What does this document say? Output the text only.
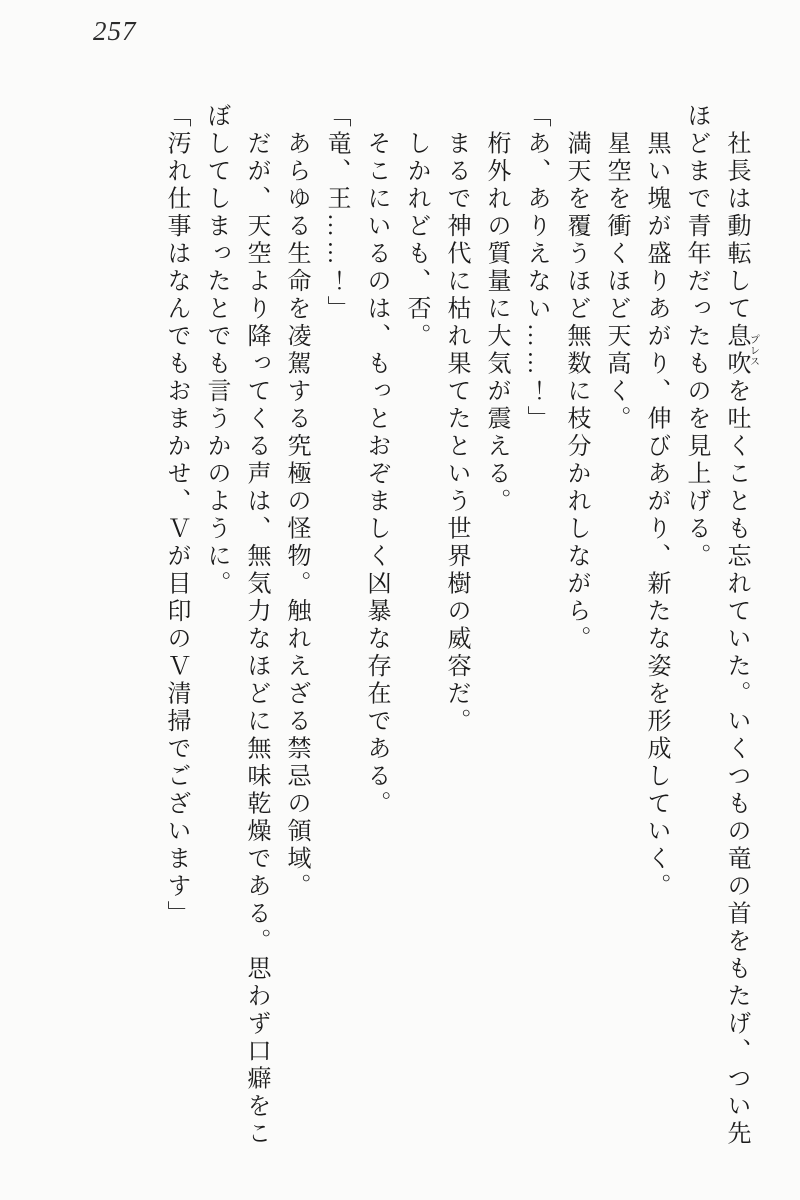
257

　社長は動転して息吹プレスを吐くことも忘れていた。いくつもの竜の首をもたげ、つい先

ほどまで青年だったものを見上げる。

　黒い塊が盛りあがり、伸びあがり、新たな姿を形成していく。

　星空を衝くほど天高く。

　満天を覆うほど無数に枝分かれしながら。

「あ、ありえない……！」

　桁外れの質量に大気が震える。

　まるで神代に枯れ果てたという世界樹の威容だ。

　しかれども、否。

　そこにいるのは、もっとおぞましく凶暴な存在である。

「竜、王……！」

　あらゆる生命を凌駕する究極の怪物。触れえざる禁忌の領域。

　だが、天空より降ってくる声は、無気力なほどに無味乾燥である。思わず口癖をこ

ぼしてしまったとでも言うかのように。

「汚れ仕事はなんでもおまかせ、Ｖが目印のＶ清掃でございます」
